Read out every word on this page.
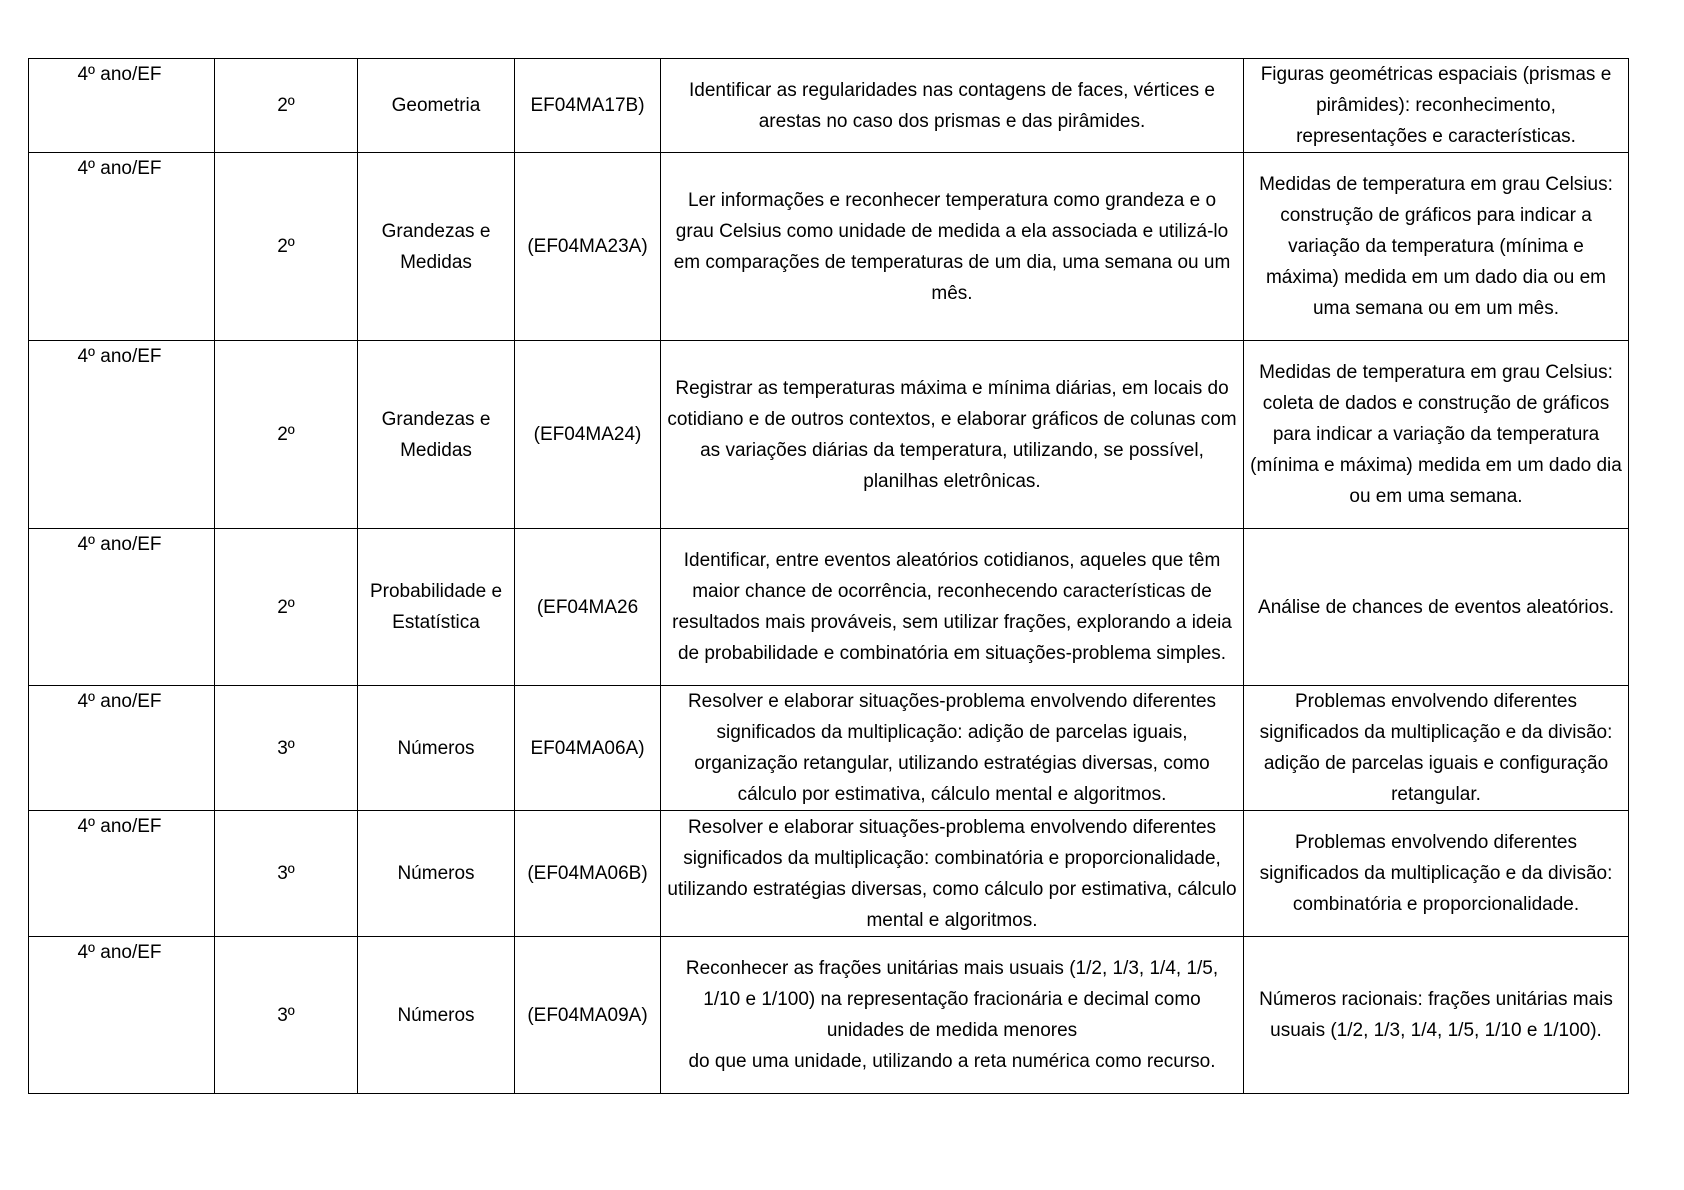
4º ano/EF	2º	Geometria	EF04MA17B)	Identificar as regularidades nas contagens de faces, vértices e arestas no caso dos prismas e das pirâmides.	Figuras geométricas espaciais (prismas e pirâmides): reconhecimento, representações e características.
4º ano/EF	2º	Grandezas e Medidas	(EF04MA23A)	Ler informações e reconhecer temperatura como grandeza e o grau Celsius como unidade de medida a ela associada e utilizá-lo em comparações de temperaturas de um dia, uma semana ou um mês.	Medidas de temperatura em grau Celsius: construção de gráficos para indicar a variação da temperatura (mínima e máxima) medida em um dado dia ou em uma semana ou em um mês.
4º ano/EF	2º	Grandezas e Medidas	(EF04MA24)	Registrar as temperaturas máxima e mínima diárias, em locais do cotidiano e de outros contextos, e elaborar gráficos de colunas com as variações diárias da temperatura, utilizando, se possível, planilhas eletrônicas.	Medidas de temperatura em grau Celsius: coleta de dados e construção de gráficos para indicar a variação da temperatura (mínima e máxima) medida em um dado dia ou em uma semana.
4º ano/EF	2º	Probabilidade e Estatística	(EF04MA26	Identificar, entre eventos aleatórios cotidianos, aqueles que têm maior chance de ocorrência, reconhecendo características de resultados mais prováveis, sem utilizar frações, explorando a ideia de probabilidade e combinatória em situações-problema simples.	Análise de chances de eventos aleatórios.
4º ano/EF	3º	Números	EF04MA06A)	Resolver e elaborar situações-problema envolvendo diferentes significados da multiplicação: adição de parcelas iguais, organização retangular, utilizando estratégias diversas, como cálculo por estimativa, cálculo mental e algoritmos.	Problemas envolvendo diferentes significados da multiplicação e da divisão: adição de parcelas iguais e configuração retangular.
4º ano/EF	3º	Números	(EF04MA06B)	Resolver e elaborar situações-problema envolvendo diferentes significados da multiplicação: combinatória e proporcionalidade, utilizando estratégias diversas, como cálculo por estimativa, cálculo mental e algoritmos.	Problemas envolvendo diferentes significados da multiplicação e da divisão: combinatória e proporcionalidade.
4º ano/EF	3º	Números	(EF04MA09A)	Reconhecer as frações unitárias mais usuais (1/2, 1/3, 1/4, 1/5, 1/10 e 1/100) na representação fracionária e decimal como unidades de medida menores
do que uma unidade, utilizando a reta numérica como recurso.	Números racionais: frações unitárias mais usuais (1/2, 1/3, 1/4, 1/5, 1/10 e 1/100).
